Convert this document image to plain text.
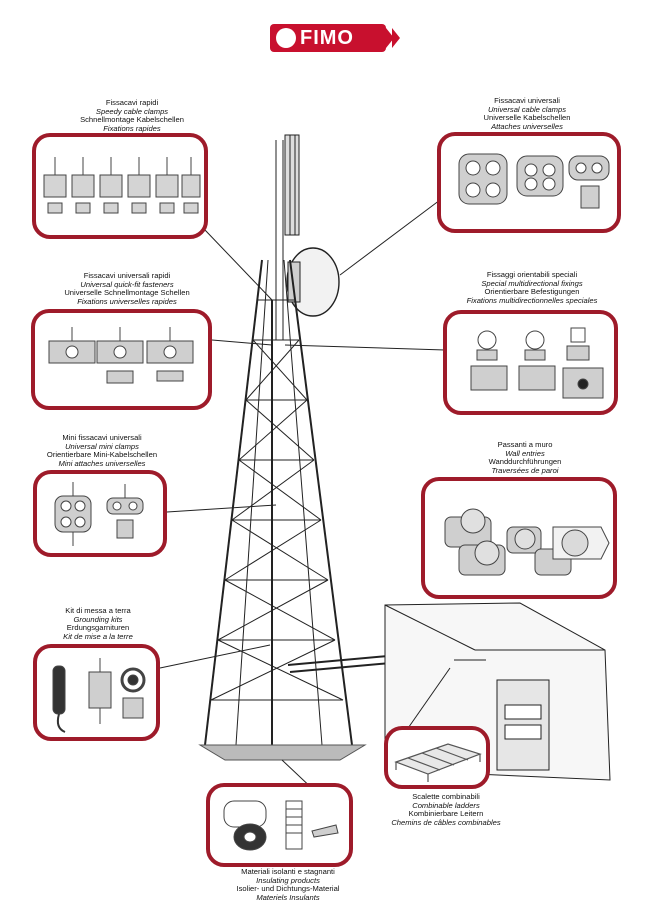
FIMO
Fissacavi rapidi
Speedy cable clamps
Schnellmontage Kabelschellen
Fixations rapides
Fissacavi universali
Universal cable clamps
Universelle Kabelschellen
Attaches universelles
Fissacavi universali rapidi
Universal quick-fit fasteners
Universelle Schnellmontage Schellen
Fixations universelles rapides
Fissaggi orientabili speciali
Special multidirectional fixings
Orientierbare Befestigungen
Fixations multidirectionnelles speciales
Mini fissacavi universali
Universal mini clamps
Orientierbare Mini-Kabelschellen
Mini attaches universelles
Passanti a muro
Wall entries
Wanddurchführungen
Traversées de paroi
Kit di messa a terra
Grounding kits
Erdungsgarnituren
Kit de mise a la terre
Scalette combinabili
Combinable ladders
Kombinierbare Leitern
Chemins de câbles combinables
Materiali isolanti e stagnanti
Insulating products
Isolier- und Dichtungs-Material
Materiels Insulants
